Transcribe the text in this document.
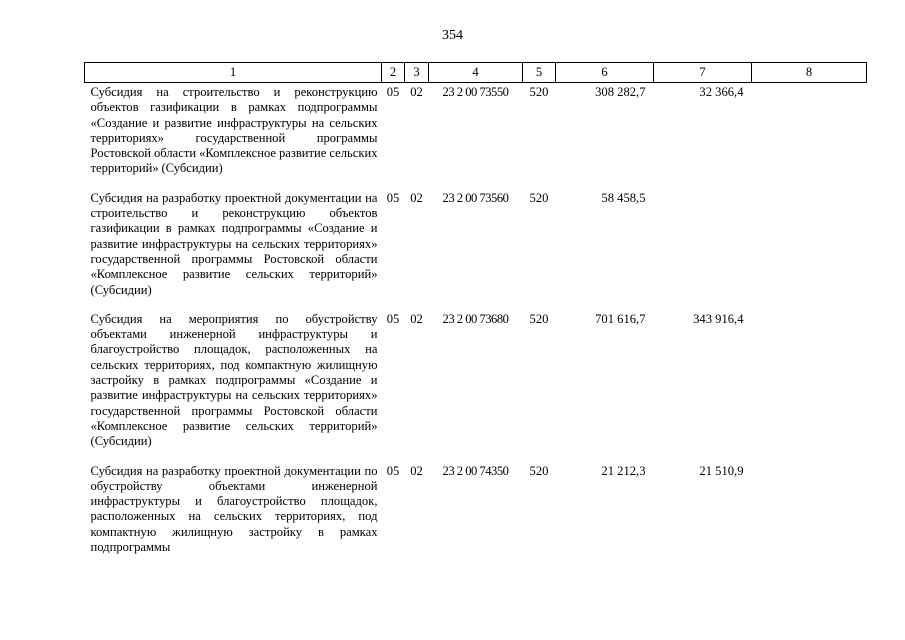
354
1	2	3	4	5	6	7	8
Субсидия на строительство и реконструкцию объектов газификации в рамках подпрограммы «Создание и развитие инфраструктуры на сельских территориях» государственной программы Ростовской области «Комплексное развитие сельских территорий» (Субсидии)	05	02	23 2 00 73550	520	308 282,7	32 366,4	
Субсидия на разработку проектной документации на строительство и реконструкцию объектов газификации в рамках подпрограммы «Создание и развитие инфраструктуры на сельских территориях» государственной программы Ростовской области «Комплексное развитие сельских территорий» (Субсидии)	05	02	23 2 00 73560	520	58 458,5		
Субсидия на мероприятия по обустройству объектами инженерной инфраструктуры и благоустройство площадок, расположенных на сельских территориях, под компактную жилищную застройку в рамках подпрограммы «Создание и развитие инфраструктуры на сельских территориях» государственной программы Ростовской области «Комплексное развитие сельских территорий» (Субсидии)	05	02	23 2 00 73680	520	701 616,7	343 916,4	
Субсидия на разработку проектной документации по обустройству объектами инженерной инфраструктуры и благоустройство площадок, расположенных на сельских территориях, под компактную жилищную застройку в рамках подпрограммы	05	02	23 2 00 74350	520	21 212,3	21 510,9	
